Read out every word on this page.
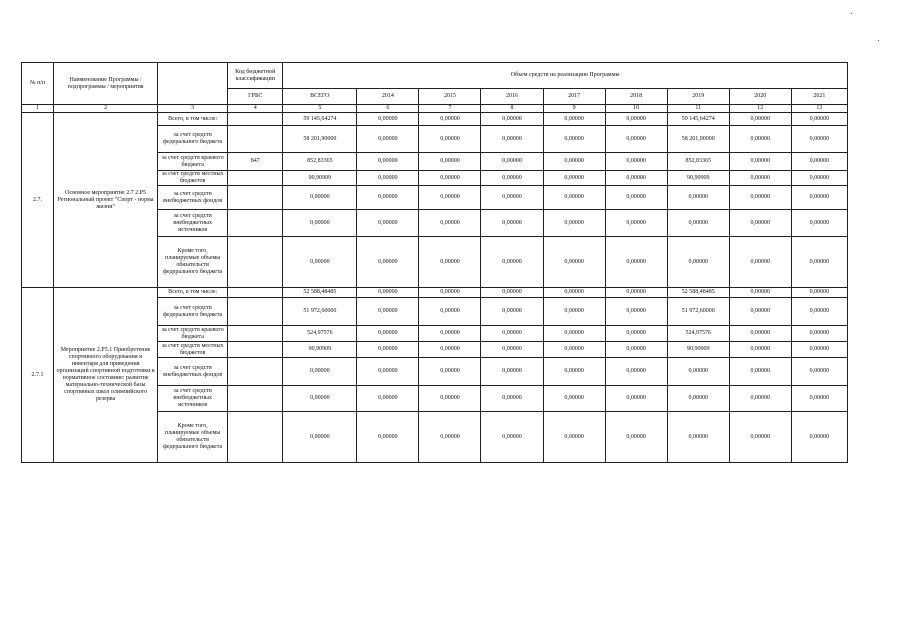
№ п/п	Наименование Программы / подпрограммы / мероприятия		Код бюджетной классификации	Объем средств на реализацию Программы								
			ГРБС	ВСЕГО	2014	2015	2016	2017	2018	2019	2020	2021
1	2	3	4	5	6	7	8	9	10	11	12	13
2.7.	Основное мероприятие 2.7 2.Р5 Региональный проект "Спорт - норма жизни"	Всего, в том числе:		59 145,64274	0,00000	0,00000	0,00000	0,00000	0,00000	59 145,64274	0,00000	0,00000
		за счет средств федерального бюджета		58 201,90000	0,00000	0,00000	0,00000	0,00000	0,00000	58 201,90000	0,00000	0,00000
		за счет средств краевого бюджета	847	852,83365	0,00000	0,00000	0,00000	0,00000	0,00000	852,83365	0,00000	0,00000
		за счет средств местных бюджетов		90,90909	0,00000	0,00000	0,00000	0,00000	0,00000	90,90909	0,00000	0,00000
		за счет средств внебюджетных фондов		0,00000	0,00000	0,00000	0,00000	0,00000	0,00000	0,00000	0,00000	0,00000
		за счет средств внебюджетных источников		0,00000	0,00000	0,00000	0,00000	0,00000	0,00000	0,00000	0,00000	0,00000
		Кроме того, планируемые объемы обязательств федерального бюджета		0,00000	0,00000	0,00000	0,00000	0,00000	0,00000	0,00000	0,00000	0,00000
2.7.1	Мероприятие 2.Р5.1 Приобретение спортивного оборудования и инвентаря для приведения организаций спортивной подготовки в нормативное состояние: развитие материально-технической базы спортивных школ олимпийского резерва	Всего, в том числе:		52 588,48485	0,00000	0,00000	0,00000	0,00000	0,00000	52 588,48485	0,00000	0,00000
		за счет средств федерального бюджета		51 972,60000	0,00000	0,00000	0,00000	0,00000	0,00000	51 972,60000	0,00000	0,00000
		за счет средств краевого бюджета		524,97576	0,00000	0,00000	0,00000	0,00000	0,00000	524,97576	0,00000	0,00000
		за счет средств местных бюджетов		90,90909	0,00000	0,00000	0,00000	0,00000	0,00000	90,90909	0,00000	0,00000
		за счет средств внебюджетных фондов		0,00000	0,00000	0,00000	0,00000	0,00000	0,00000	0,00000	0,00000	0,00000
		за счет средств внебюджетных источников		0,00000	0,00000	0,00000	0,00000	0,00000	0,00000	0,00000	0,00000	0,00000
		Кроме того, планируемые объемы обязательств федерального бюджета		0,00000	0,00000	0,00000	0,00000	0,00000	0,00000	0,00000	0,00000	0,00000
